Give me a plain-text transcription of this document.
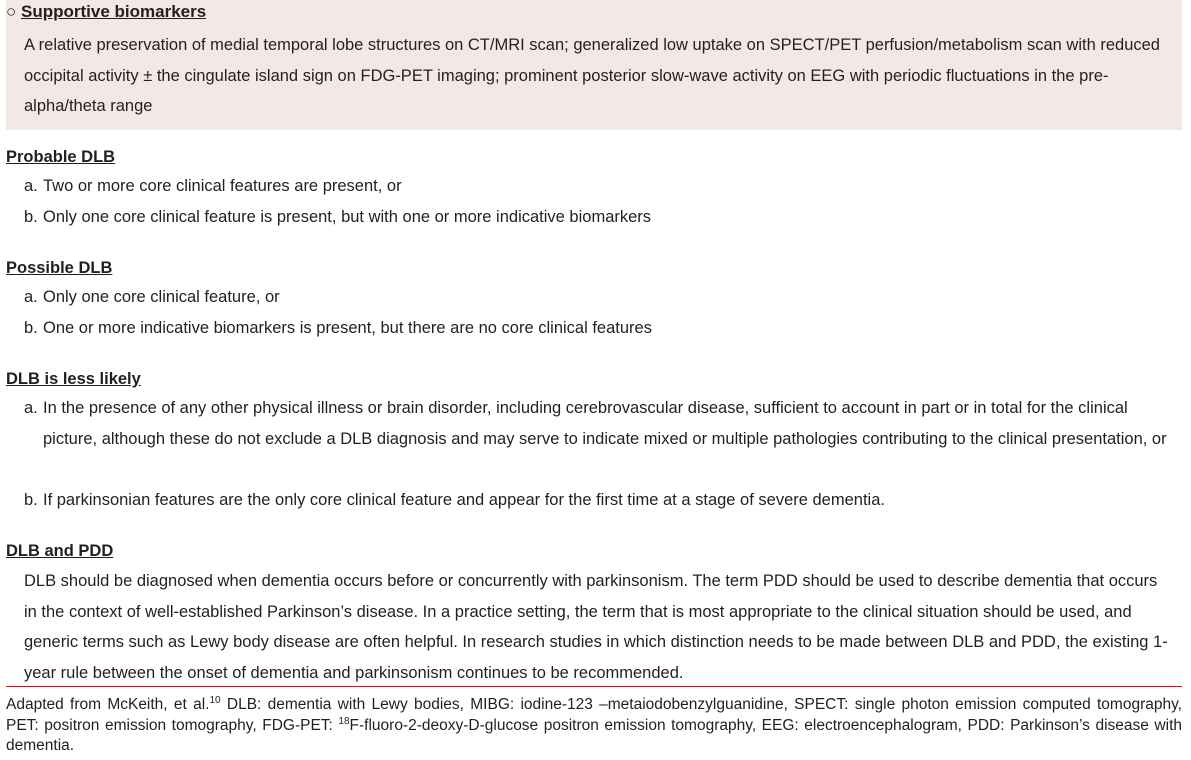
○ Supportive biomarkers
A relative preservation of medial temporal lobe structures on CT/MRI scan; generalized low uptake on SPECT/PET perfusion/metabolism scan with reduced occipital activity ± the cingulate island sign on FDG-PET imaging; prominent posterior slow-wave activity on EEG with periodic fluctuations in the pre-alpha/theta range
Probable DLB
a. Two or more core clinical features are present, or
b. Only one core clinical feature is present, but with one or more indicative biomarkers
Possible DLB
a. Only one core clinical feature, or
b. One or more indicative biomarkers is present, but there are no core clinical features
DLB is less likely
a. In the presence of any other physical illness or brain disorder, including cerebrovascular disease, sufficient to account in part or in total for the clinical picture, although these do not exclude a DLB diagnosis and may serve to indicate mixed or multiple pathologies contributing to the clinical presentation, or
b. If parkinsonian features are the only core clinical feature and appear for the first time at a stage of severe dementia.
DLB and PDD
DLB should be diagnosed when dementia occurs before or concurrently with parkinsonism. The term PDD should be used to describe dementia that occurs in the context of well-established Parkinson’s disease. In a practice setting, the term that is most appropriate to the clinical situation should be used, and generic terms such as Lewy body disease are often helpful. In research studies in which distinction needs to be made between DLB and PDD, the existing 1-year rule between the onset of dementia and parkinsonism continues to be recommended.
Adapted from McKeith, et al.$^{10}$ DLB: dementia with Lewy bodies, MIBG: iodine-123 –metaiodobenzylguanidine, SPECT: single photon emission computed tomography, PET: positron emission tomography, FDG-PET: $^{18}$F-fluoro-2-deoxy-D-glucose positron emission tomography, EEG: electroencephalogram, PDD: Parkinson’s disease with dementia.
